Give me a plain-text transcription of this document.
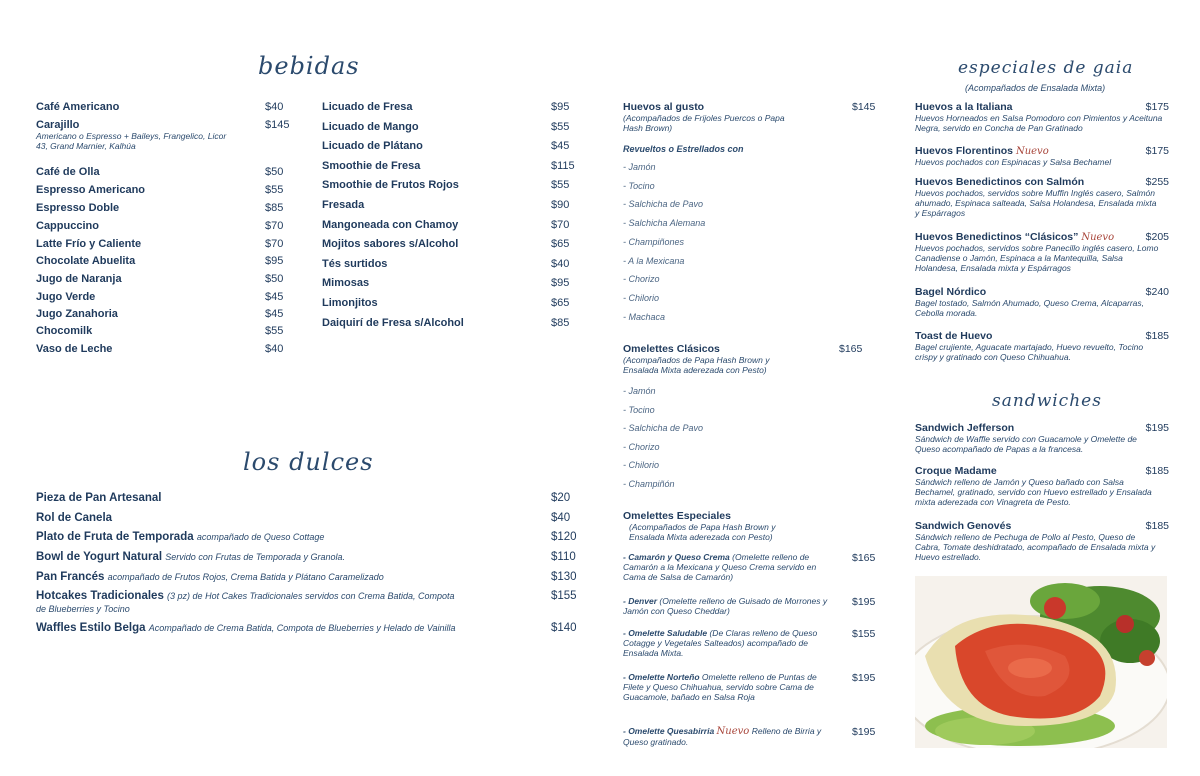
bebidas
los dulces
especiales de gaia
(Acompañados de Ensalada Mixta)
sandwiches
Café Americano	$40
Carajillo	$145
Americano o Espresso + Baileys, Frangelico, Licor 43, Grand Marnier, Kalhúa
Café de Olla	$50
Espresso Americano	$55
Espresso Doble	$85
Cappuccino	$70
Latte Frío y Caliente	$70
Chocolate Abuelita	$95
Jugo de Naranja	$50
Jugo Verde	$45
Jugo Zanahoria	$45
Chocomilk	$55
Vaso de Leche	$40
Licuado de Fresa	$95
Licuado de Mango	$55
Licuado de Plátano	$45
Smoothie de Fresa	$115
Smoothie de Frutos Rojos	$55
Fresada	$90
Mangoneada con Chamoy	$70
Mojitos sabores s/Alcohol	$65
Tés surtidos	$40
Mimosas	$95
Limonjitos	$65
Daiquirí de Fresa s/Alcohol	$85
Pieza de Pan Artesanal	$20
Rol de Canela	$40
Plato de Fruta de Temporada acompañado de Queso Cottage	$120
Bowl de Yogurt Natural Servido con Frutas de Temporada y Granola.	$110
Pan Francés acompañado de Frutos Rojos, Crema Batida y Plátano Caramelizado	$130
Hotcakes Tradicionales (3 pz) de Hot Cakes Tradicionales servidos con Crema Batida, Compota de Blueberries y Tocino
$155
Waffles Estilo Belga Acompañado de Crema Batida, Compota de Blueberries y Helado de Vainilla	$140
Huevos al gusto	$145
(Acompañados de Frijoles Puercos o Papa Hash Brown)
Revueltos o Estrellados con
- Jamón
- Tocino
- Salchicha de Pavo
- Salchicha Alemana
- Champiñones
- A la Mexicana
- Chorizo
- Chilorio
- Machaca
Omelettes Clásicos	$165
(Acompañados de Papa Hash Brown y Ensalada Mixta aderezada con Pesto)
- Jamón
- Tocino
- Salchicha de Pavo
- Chorizo
- Chilorio
- Champiñón
Omelettes Especiales
(Acompañados de Papa Hash Brown y Ensalada Mixta aderezada con Pesto)
- Camarón y Queso Crema (Omelette relleno de Camarón a la Mexicana y Queso Crema servido en Cama de Salsa de Camarón)
$165
- Denver (Omelette relleno de Guisado de Morrones y Jamón con Queso Cheddar)
$195
- Omelette Saludable (De Claras relleno de Queso Cotagge y Vegetales Salteados) acompañado de Ensalada Mixta.
$155
- Omelette Norteño Omelette relleno de Puntas de Filete y Queso Chihuahua, servido sobre Cama de Guacamole, bañado en Salsa Roja
$195
- Omelette Quesabirria Nuevo Relleno de Birria y Queso gratinado.
$195
Huevos a la Italiana	$175
Huevos Horneados en Salsa Pomodoro con Pimientos y Aceituna Negra, servido en Concha de Pan Gratinado
Huevos Florentinos Nuevo	$175
Huevos pochados con Espinacas y Salsa Bechamel
Huevos Benedictinos con Salmón	$255
Huevos pochados, servidos sobre Muffin Inglés casero, Salmón ahumado, Espinaca salteada, Salsa Holandesa, Ensalada mixta y Espárragos
Huevos Benedictinos “Clásicos” Nuevo	$205
Huevos pochados, servidos sobre Panecillo inglés casero, Lomo Canadiense o Jamón, Espinaca a la Mantequilla, Salsa Holandesa, Ensalada mixta y Espárragos
Bagel Nórdico	$240
Bagel tostado, Salmón Ahumado, Queso Crema, Alcaparras, Cebolla morada.
Toast de Huevo	$185
Bagel crujiente, Aguacate martajado, Huevo revuelto, Tocino crispy y gratinado con Queso Chihuahua.
Sandwich Jefferson	$195
Sándwich de Waffle servido con Guacamole y Omelette de Queso acompañado de Papas a la francesa.
Croque Madame	$185
Sándwich relleno de Jamón y Queso bañado con Salsa Bechamel, gratinado, servido con Huevo estrellado y Ensalada mixta aderezada con Vinagreta de Pesto.
Sandwich Genovés	$185
Sándwich relleno de Pechuga de Pollo al Pesto, Queso de Cabra, Tomate deshidratado, acompañado de Ensalada mixta y Huevo estrellado.
